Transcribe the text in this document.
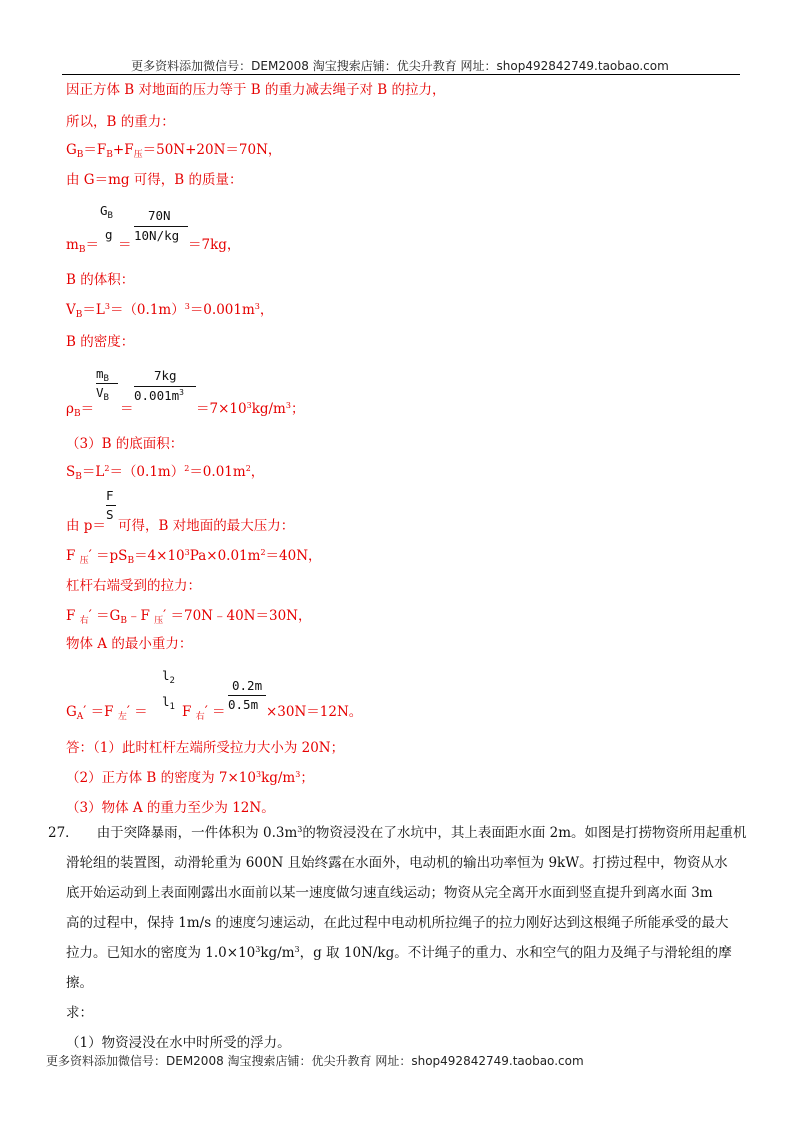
更多资料添加微信号：DEM2008 淘宝搜索店铺：优尖升教育 网址：shop492842749.taobao.com
因正方体 B 对地面的压力等于 B 的重力减去绳子对 B 的拉力，
所以，B 的重力：
$G_B=F_B+F_压=50N+20N=70N$，
由 G＝mg 可得，B 的质量：
$m_B=$
$G_B$
g
＝
70N
10N/kg
＝7kg，
B 的体积：
$V_B=L^3=(0.1m)^3=0.001m^3$，
B 的密度：
$\rho_B=$
$m_B$
$V_B$
＝
7kg
$0.001m^3$
$=7\times 10^3kg/m^3$；
（3）B 的底面积：
$S_B=L^2=(0.1m)^2=0.01m^2$，
由 p＝
F
S
可得，B 对地面的最大压力：
F $_压' =pS_B=4\times 10^3Pa\times 0.01m^2=40N$，
杠杆右端受到的拉力：
F $_右' =G_B﹣F$ $_压$′ ＝70N﹣40N＝30N，
物体 A 的最小重力：
$G_A' =F$ $_左$′ ＝
$l_2$
$l_1$ F $_右$′ ＝
0.2m
0.5m ×30N＝12N。
答：（1）此时杠杆左端所受拉力大小为 20N；
（2）正方体 B 的密度为 $7\times 10^3kg/m^3$；
（3）物体 A 的重力至少为 12N。
27． 由于突降暴雨，一件体积为 $0.3m^3$的物资浸没在了水坑中，其上表面距水面 2m。如图是打捞物资所用起重机
滑轮组的装置图，动滑轮重为 600N 且始终露在水面外，电动机的输出功率恒为 9kW。打捞过程中，物资从水
底开始运动到上表面刚露出水面前以某一速度做匀速直线运动；物资从完全离开水面到竖直提升到离水面 3m
高的过程中，保持 1m/s 的速度匀速运动，在此过程中电动机所拉绳子的拉力刚好达到这根绳子所能承受的最大
拉力。已知水的密度为 $1.0\times 10^3kg/m^3$，g 取 10N/kg。不计绳子的重力、水和空气的阻力及绳子与滑轮组的摩擦。
求：
（1）物资浸没在水中时所受的浮力。
更多资料添加微信号：DEM2008 淘宝搜索店铺：优尖升教育 网址：shop492842749.taobao.com
